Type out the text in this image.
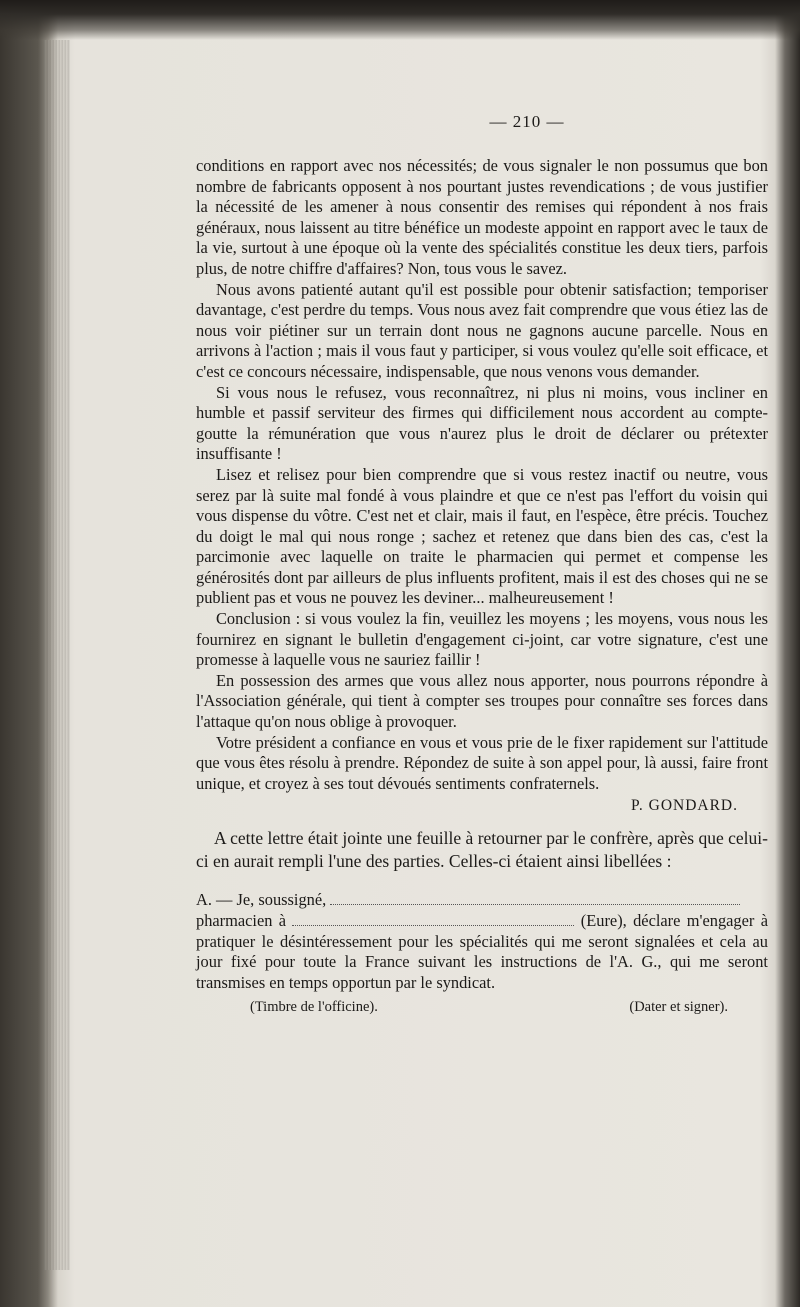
— 210 —

conditions en rapport avec nos nécessités; de vous signaler le non possumus que bon nombre de fabricants opposent à nos pourtant justes revendications ; de vous justifier la nécessité de les amener à nous consentir des remises qui répondent à nos frais généraux, nous laissent au titre bénéfice un modeste appoint en rapport avec le taux de la vie, surtout à une époque où la vente des spécialités constitue les deux tiers, parfois plus, de notre chiffre d'affaires? Non, tous vous le savez.

Nous avons patienté autant qu'il est possible pour obtenir satisfaction; temporiser davantage, c'est perdre du temps. Vous nous avez fait comprendre que vous étiez las de nous voir piétiner sur un terrain dont nous ne gagnons aucune parcelle. Nous en arrivons à l'action ; mais il vous faut y participer, si vous voulez qu'elle soit efficace, et c'est ce concours nécessaire, indispensable, que nous venons vous demander.

Si vous nous le refusez, vous reconnaîtrez, ni plus ni moins, vous incliner en humble et passif serviteur des firmes qui difficilement nous accordent au compte-goutte la rémunération que vous n'aurez plus le droit de déclarer ou prétexter insuffisante !

Lisez et relisez pour bien comprendre que si vous restez inactif ou neutre, vous serez par là suite mal fondé à vous plaindre et que ce n'est pas l'effort du voisin qui vous dispense du vôtre. C'est net et clair, mais il faut, en l'espèce, être précis. Touchez du doigt le mal qui nous ronge ; sachez et retenez que dans bien des cas, c'est la parcimonie avec laquelle on traite le pharmacien qui permet et compense les générosités dont par ailleurs de plus influents profitent, mais il est des choses qui ne se publient pas et vous ne pouvez les deviner... malheureusement !

Conclusion : si vous voulez la fin, veuillez les moyens ; les moyens, vous nous les fournirez en signant le bulletin d'engagement ci-joint, car votre signature, c'est une promesse à laquelle vous ne sauriez faillir !

En possession des armes que vous allez nous apporter, nous pourrons répondre à l'Association générale, qui tient à compter ses troupes pour connaître ses forces dans l'attaque qu'on nous oblige à provoquer.

Votre président a confiance en vous et vous prie de le fixer rapidement sur l'attitude que vous êtes résolu à prendre. Répondez de suite à son appel pour, là aussi, faire front unique, et croyez à ses tout dévoués sentiments confraternels.

P. GONDARD.

A cette lettre était jointe une feuille à retourner par le confrère, après que celui-ci en aurait rempli l'une des parties. Celles-ci étaient ainsi libellées :

A. — Je, soussigné,
pharmacien à	(Eure), déclare m'engager à pratiquer le désintéressement pour les spécialités qui me seront signalées et cela au jour fixé pour toute la France suivant les instructions de l'A. G., qui me seront transmises en temps opportun par le syndicat.
(Timbre de l'officine).	(Dater et signer).
